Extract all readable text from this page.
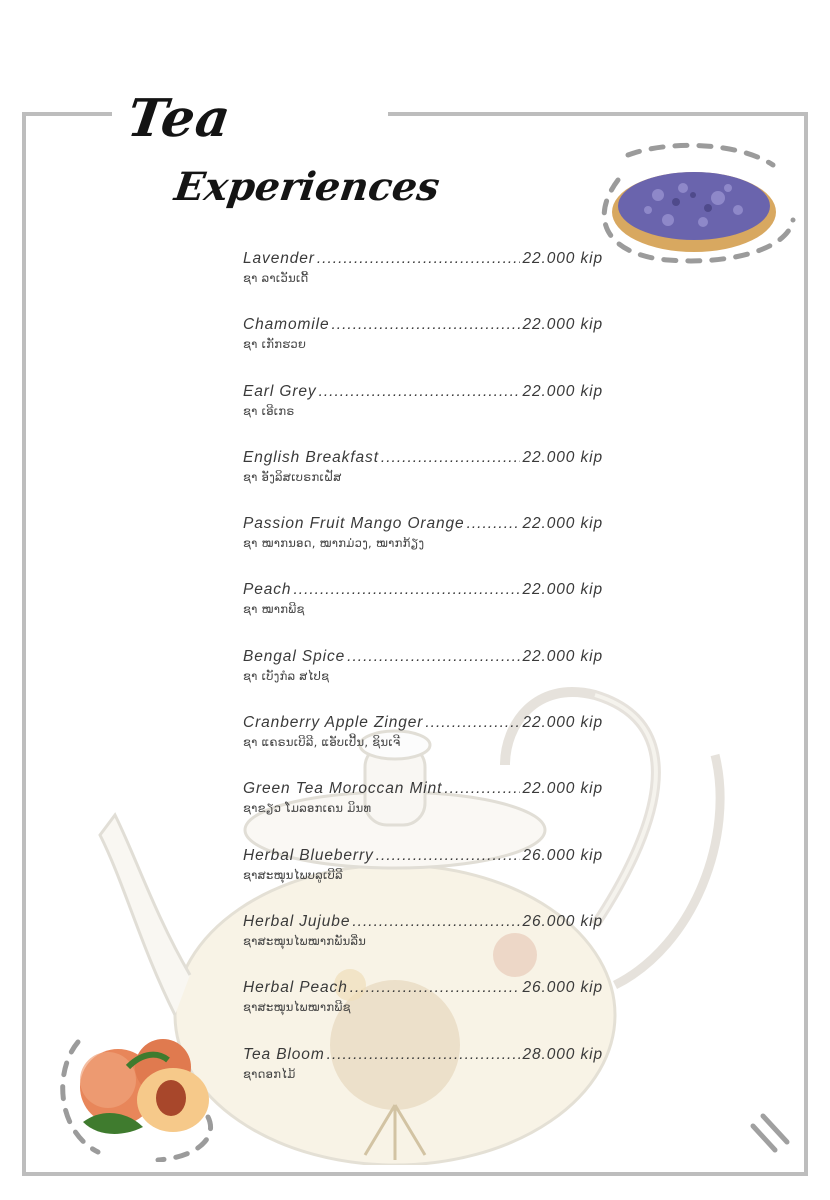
Tea
Experiences
Lavender .....	22.000 kip
ຊາ ລາເວັນເດີ້
Chamomile .....	22.000 kip
ຊາ ເກັກຮວຍ
Earl Grey .....	22.000 kip
ຊາ ເອີເກຣ
English Breakfast .....	22.000 kip
ຊາ ອັງລິສເບຣກເຝັສ
Passion Fruit Mango Orange .....	22.000 kip
ຊາ ໝາກນອດ, ໝາກມ່ວງ, ໝາກກ້ຽງ
Peach .....	22.000 kip
ຊາ ໝາກພີຊ
Bengal Spice .....	22.000 kip
ຊາ ເບັງກໍລ ສໄປຊ
Cranberry Apple Zinger .....	22.000 kip
ຊາ ແຄຣນເບີລີ, ແອັບເປິ້ນ, ຊິນເຈີ
Green Tea Moroccan Mint .....	22.000 kip
ຊາຂຽວ ໂມລອກເຄນ ມິນທ
Herbal Blueberry .....	26.000 kip
ຊາສະໝຸນໄພບລູເບີລີ
Herbal Jujube .....	26.000 kip
ຊາສະໝຸນໄພໝາກພັນລີ່ນ
Herbal Peach .....	26.000 kip
ຊາສະໝຸນໄພໝາກພີຊ
Tea Bloom .....	28.000 kip
ຊາດອກໄມ້
